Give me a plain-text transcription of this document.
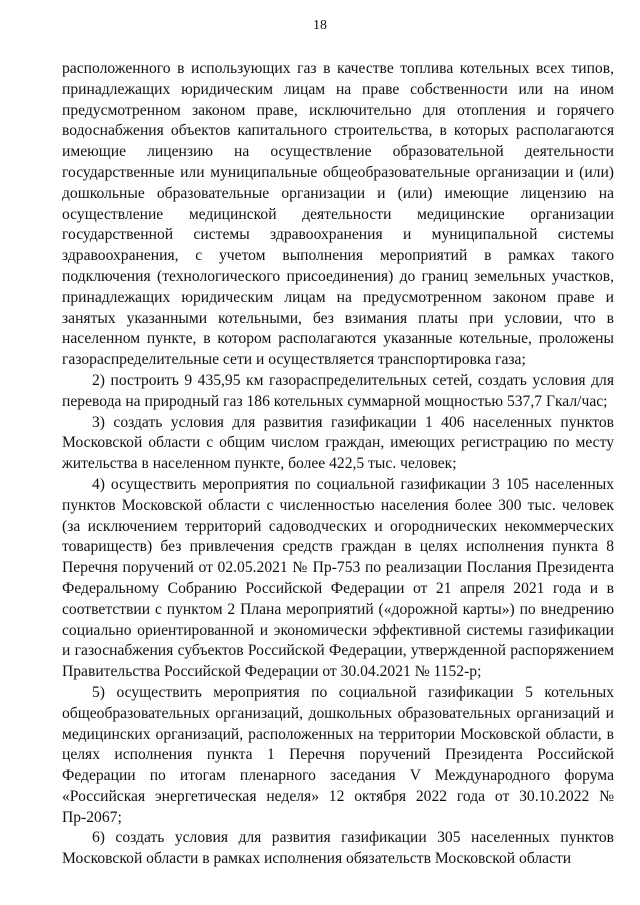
18

расположенного в использующих газ в качестве топлива котельных всех типов, принадлежащих юридическим лицам на праве собственности или на ином предусмотренном законом праве, исключительно для отопления и горячего водоснабжения объектов капитального строительства, в которых располагаются имеющие лицензию на осуществление образовательной деятельности государственные или муниципальные общеобразовательные организации и (или) дошкольные образовательные организации и (или) имеющие лицензию на осуществление медицинской деятельности медицинские организации государственной системы здравоохранения и муниципальной системы здравоохранения, с учетом выполнения мероприятий в рамках такого подключения (технологического присоединения) до границ земельных участков, принадлежащих юридическим лицам на предусмотренном законом праве и занятых указанными котельными, без взимания платы при условии, что в населенном пункте, в котором располагаются указанные котельные, проложены газораспределительные сети и осуществляется транспортировка газа;

2) построить 9 435,95 км газораспределительных сетей, создать условия для перевода на природный газ 186 котельных суммарной мощностью 537,7 Гкал/час;

3) создать условия для развития газификации 1 406 населенных пунктов Московской области с общим числом граждан, имеющих регистрацию по месту жительства в населенном пункте, более 422,5 тыс. человек;

4) осуществить мероприятия по социальной газификации 3 105 населенных пунктов Московской области с численностью населения более 300 тыс. человек (за исключением территорий садоводческих и огороднических некоммерческих товариществ) без привлечения средств граждан в целях исполнения пункта 8 Перечня поручений от 02.05.2021 № Пр-753 по реализации Послания Президента Федеральному Собранию Российской Федерации от 21 апреля 2021 года и в соответствии с пунктом 2 Плана мероприятий («дорожной карты») по внедрению социально ориентированной и экономически эффективной системы газификации и газоснабжения субъектов Российской Федерации, утвержденной распоряжением Правительства Российской Федерации от 30.04.2021 № 1152-р;

5) осуществить мероприятия по социальной газификации 5 котельных общеобразовательных организаций, дошкольных образовательных организаций и медицинских организаций, расположенных на территории Московской области, в целях исполнения пункта 1 Перечня поручений Президента Российской Федерации по итогам пленарного заседания V Международного форума «Российская энергетическая неделя» 12 октября 2022 года от 30.10.2022 № Пр-2067;

6) создать условия для развития газификации 305 населенных пунктов Московской области в рамках исполнения обязательств Московской области
